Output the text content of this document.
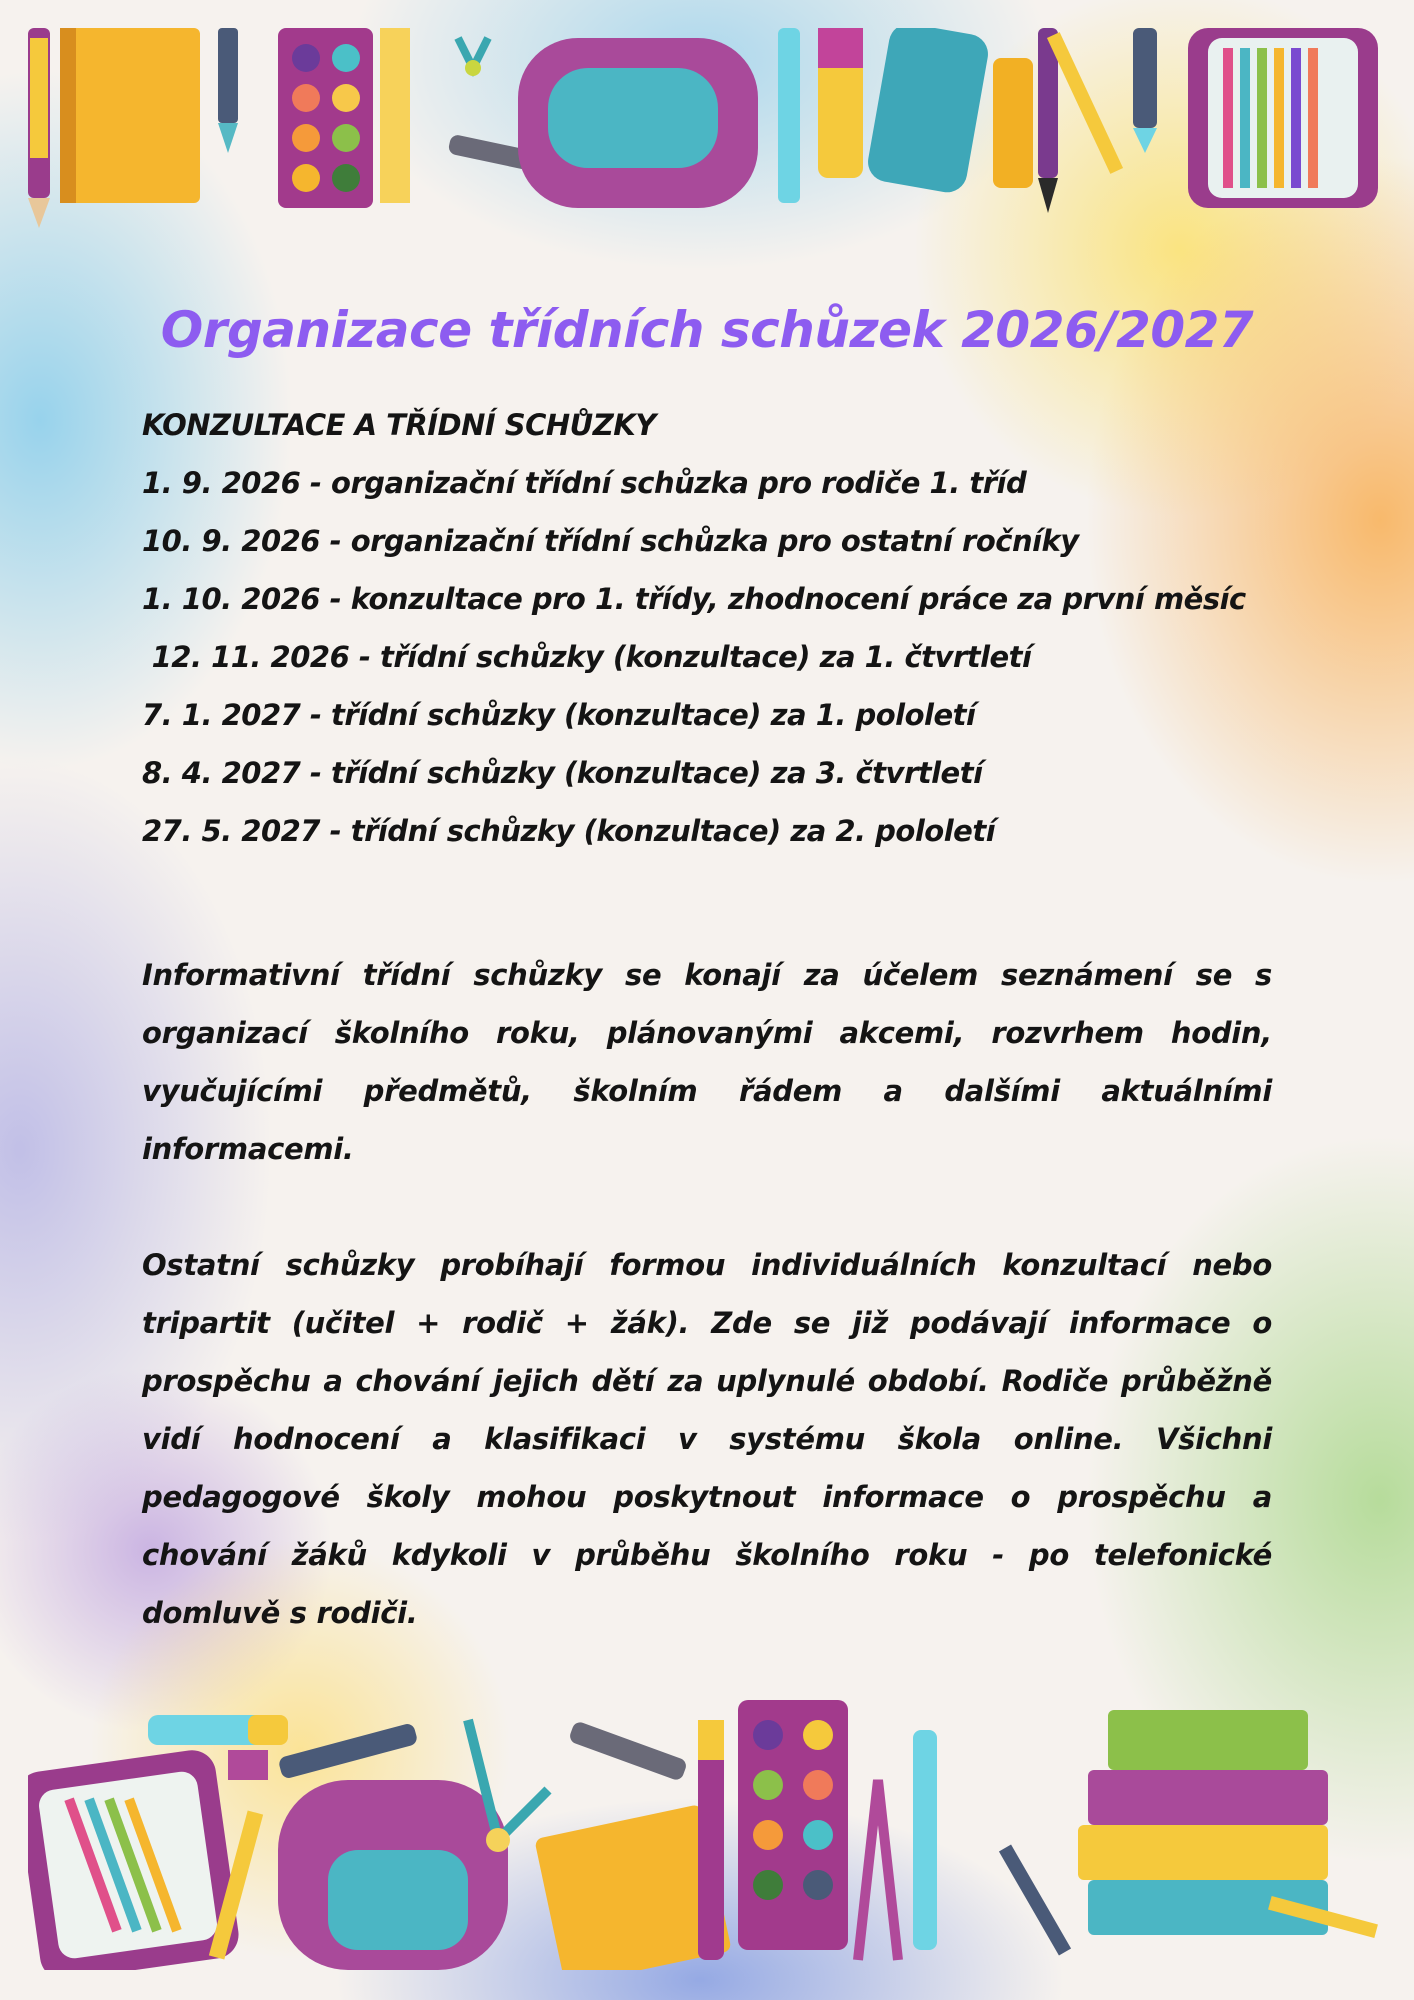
Organizace třídních schůzek 2026/2027

KONZULTACE A TŘÍDNÍ SCHŮZKY

1. 9. 2026 - organizační třídní schůzka pro rodiče 1. tříd
10. 9. 2026 - organizační třídní schůzka pro ostatní ročníky
1. 10. 2026 - konzultace pro 1. třídy, zhodnocení práce za první měsíc
12. 11. 2026 - třídní schůzky (konzultace) za 1. čtvrtletí
7. 1. 2027 - třídní schůzky (konzultace) za 1. pololetí
8. 4. 2027 - třídní schůzky (konzultace) za 3. čtvrtletí
27. 5. 2027 - třídní schůzky (konzultace) za 2. pololetí

Informativní třídní schůzky se konají za účelem seznámení se s organizací školního roku, plánovanými akcemi, rozvrhem hodin, vyučujícími předmětů, školním řádem a dalšími aktuálními informacemi.

Ostatní schůzky probíhají formou individuálních konzultací nebo tripartit (učitel + rodič + žák). Zde se již podávají informace o prospěchu a chování jejich dětí za uplynulé období. Rodiče průběžně vidí hodnocení a klasifikaci v systému škola online. Všichni pedagogové školy mohou poskytnout informace o prospěchu a chování žáků kdykoli v průběhu školního roku - po telefonické domluvě s rodiči.
